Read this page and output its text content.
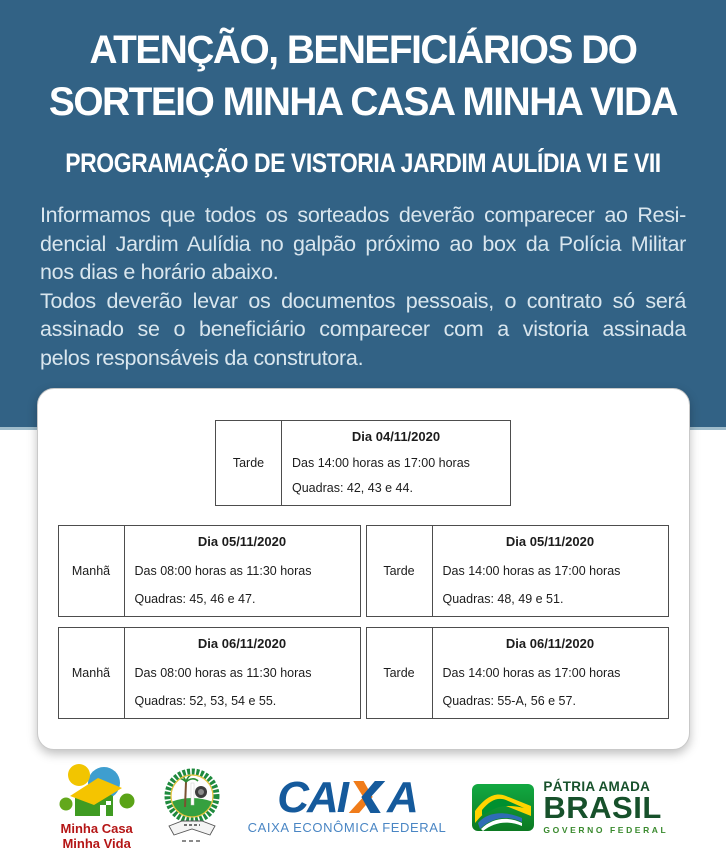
ATENÇÃO, BENEFICIÁRIOS DO
SORTEIO MINHA CASA MINHA VIDA
PROGRAMAÇÃO DE VISTORIA JARDIM AULÍDIA VI E VII
Informamos que todos os sorteados deverão comparecer ao Resi-
dencial Jardim Aulídia no galpão próximo ao box da Polícia Militar
nos dias e horário abaixo.
Todos deverão levar os documentos pessoais, o contrato só será
assinado se o beneficiário comparecer com a vistoria assinada
pelos responsáveis da construtora.
Tarde
Dia 04/11/2020
Das 14:00 horas as 17:00 horas
Quadras: 42, 43 e 44.
Manhã
Dia 05/11/2020
Das 08:00 horas as 11:30 horas
Quadras: 45, 46 e 47.
Tarde
Dia 05/11/2020
Das 14:00 horas as 17:00 horas
Quadras: 48, 49 e 51.
Manhã
Dia 06/11/2020
Das 08:00 horas as 11:30 horas
Quadras: 52, 53, 54 e 55.
Tarde
Dia 06/11/2020
Das 14:00 horas as 17:00 horas
Quadras: 55-A, 56 e 57.
Minha Casa
Minha Vida
CAI A
CAIXA ECONÔMICA FEDERAL
PÁTRIA AMADA
BRASIL
GOVERNO FEDERAL
